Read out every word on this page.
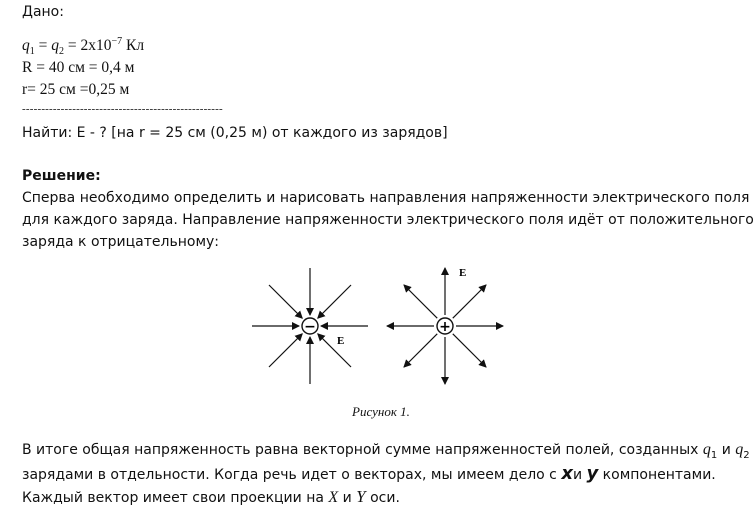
Дано:
$q_1 = q_2 = 2x10^{-7}$ Кл
R = 40 см = 0,4 м
r= 25 см =0,25 м
----------------------------------------------------
Найти: E - ? [на r = 25 см (0,25 м) от каждого из зарядов]
Решение:
Сперва необходимо определить и нарисовать направления напряженности электрического поля
для каждого заряда. Направление напряженности электрического поля идёт от положительного
заряда к отрицательному:
−	+
E
E
Рисунок 1.
В итоге общая напряженность равна векторной сумме напряженностей полей, созданных $q_1$ и $q_2$
зарядами в отдельности. Когда речь идет о векторах, мы имеем дело с xи y компонентами.
Каждый вектор имеет свои проекции на X и Y оси.
